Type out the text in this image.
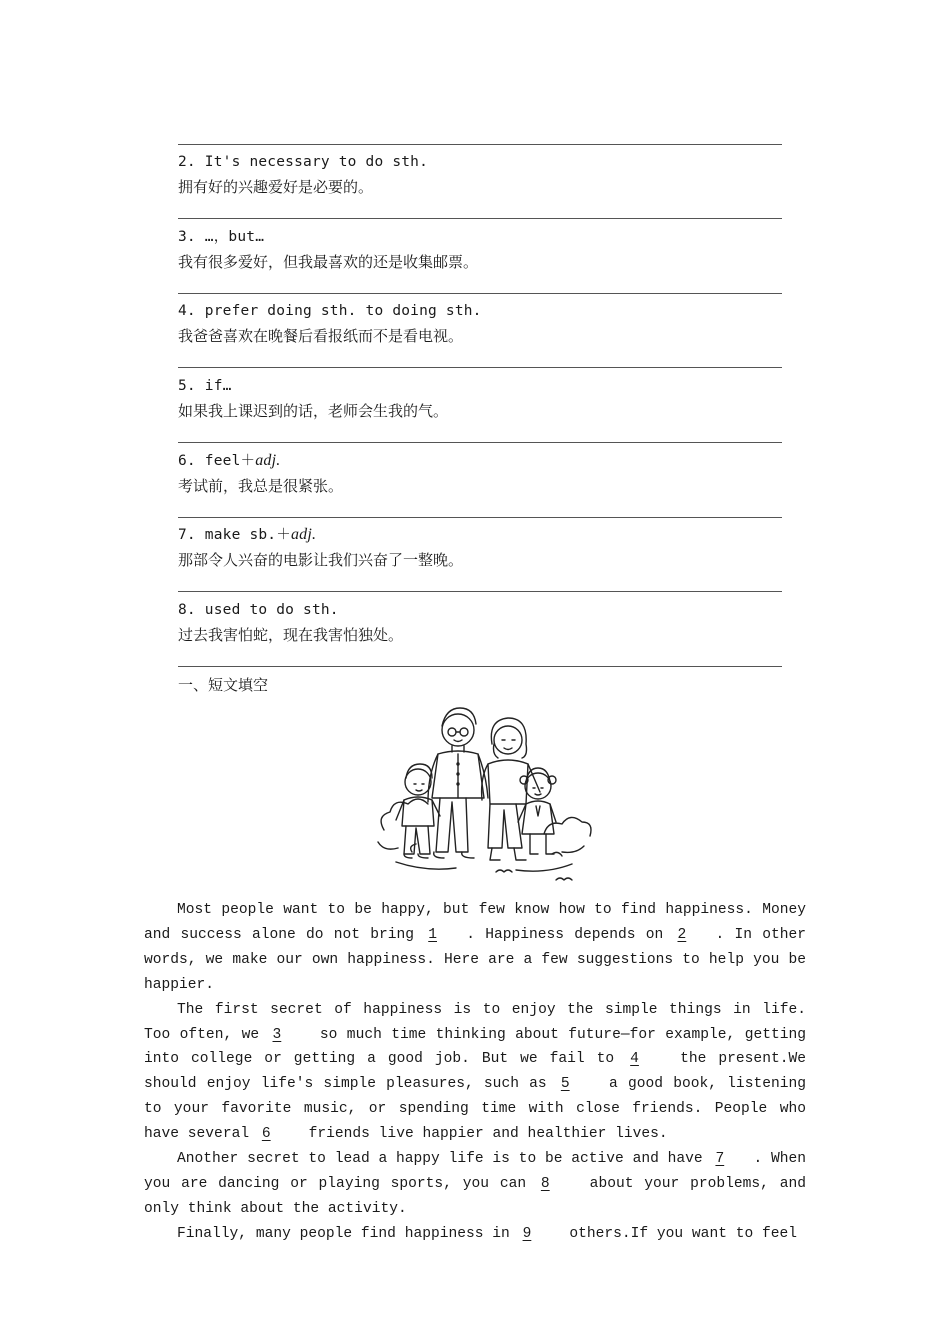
2. It's necessary to do sth.
拥有好的兴趣爱好是必要的。
3. …，but…
我有很多爱好，但我最喜欢的还是收集邮票。
4. prefer doing sth. to doing sth.
我爸爸喜欢在晚餐后看报纸而不是看电视。
5. if…
如果我上课迟到的话，老师会生我的气。
6. feel＋adj.
考试前，我总是很紧张。
7. make sb.＋adj.
那部令人兴奋的电影让我们兴奋了一整晚。
8. used to do sth.
过去我害怕蛇，现在我害怕独处。
一、短文填空

Most people want to be happy, but few know how to find happiness. Money and success alone do not bring 1 . Happiness depends on 2 . In other words, we make our own happiness. Here are a few suggestions to help you be happier.

The first secret of happiness is to enjoy the simple things in life. Too often, we 3 so much time thinking about future—for example, getting into college or getting a good job. But we fail to 4 the present.We should enjoy life's simple pleasures, such as 5 a good book, listening to your favorite music, or spending time with close friends. People who have several 6 friends live happier and healthier lives.

Another secret to lead a happy life is to be active and have 7 . When you are dancing or playing sports, you can 8 about your problems, and only think about the activity.

Finally, many people find happiness in 9 others.If you want to feel
